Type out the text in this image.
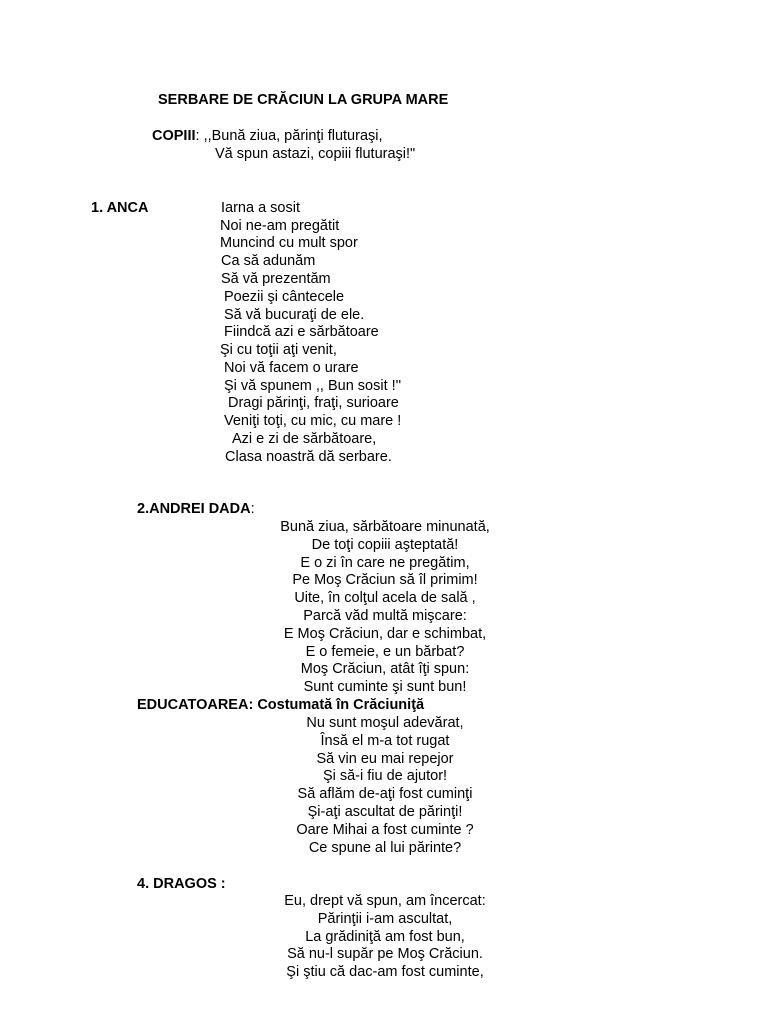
SERBARE DE CRĂCIUN LA GRUPA MARE
COPIII: ,,Bună ziua, părinţi fluturaşi,
Vă spun astazi, copiii fluturaşi!"
1. ANCA	Iarna a sosit
Noi ne-am pregătit
Muncind cu mult spor
Ca să adunăm
Să vă prezentăm
Poezii şi cântecele
Să vă bucuraţi de ele.
Fiindcă azi e sărbătoare
Şi cu toţii aţi venit,
Noi vă facem o urare
Şi vă spunem ,, Bun sosit !''
Dragi părinţi, fraţi, surioare
Veniţi toţi, cu mic, cu mare !
Azi e zi de sărbătoare,
Clasa noastră dă serbare.
2.ANDREI DADA:
Bună ziua, sărbătoare minunată,
De toţi copiii aşteptată!
E o zi în care ne pregătim,
Pe Moş Crăciun să îl primim!
Uite, în colţul acela de sală ,
Parcă văd multă mişcare:
E Moş Crăciun, dar e schimbat,
E o femeie, e un bărbat?
Moş Crăciun, atât îţi spun:
Sunt cuminte şi sunt bun!
EDUCATOAREA: Costumată în Crăciuniţă
Nu sunt moşul adevărat,
Însă el m-a tot rugat
Să vin eu mai repejor
Şi să-i fiu de ajutor!
Să aflăm de-aţi fost cuminţi
Şi-aţi ascultat de părinţi!
Oare Mihai a fost cuminte ?
Ce spune al lui părinte?
4. DRAGOS :
Eu, drept vă spun, am încercat:
Părinţii i-am ascultat,
La grădiniţă am fost bun,
Să nu-l supăr pe Moş Crăciun.
Şi ştiu că dac-am fost cuminte,
